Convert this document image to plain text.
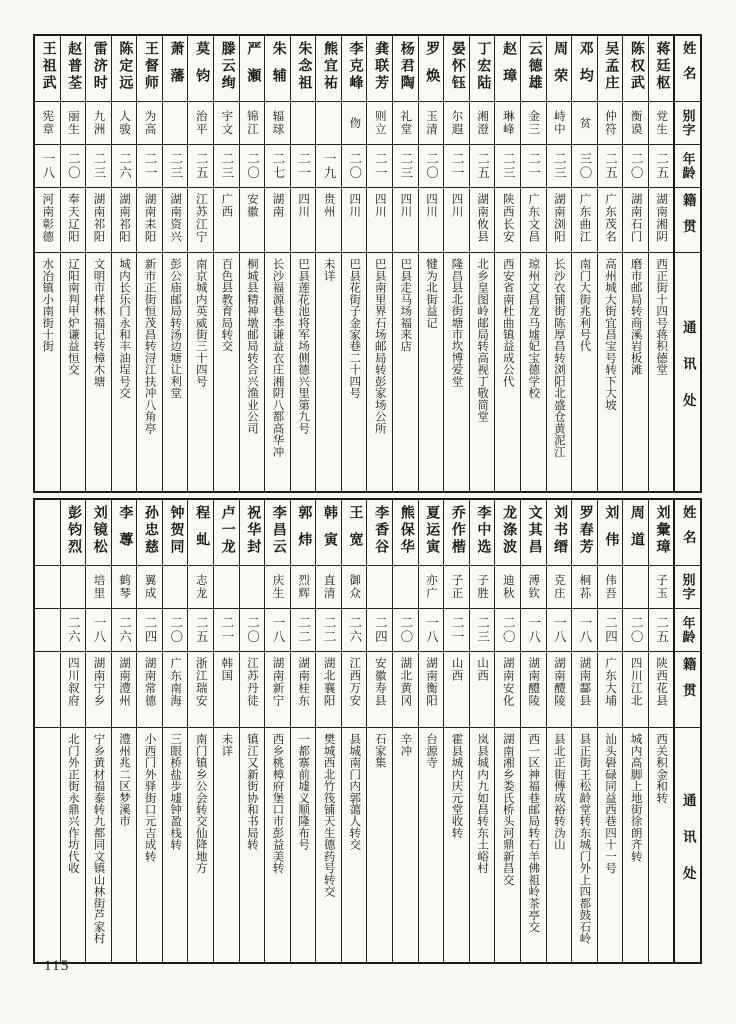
姓名
别字
年龄
籍贯
通讯处
蒋廷枢
党生
二五
湖南湘阴
西正街十四号蒋积德堂
陈权武
衡谟
二〇
湖南石门
磨市邮局转商溪岩板滩
吴孟庄
仲符
二五
广东茂名
高州城大街宜昌宝号转下大坡
邓均
贫
三〇
广东曲江
南门大街兆利号代
周荣
峙中
二三
湖南浏阳
长沙衣铺街陈厚昌转浏阳北盛仓黄泥江
云德雄
金三
二一
广东文昌
琼州文昌龙马墟妃宝德学校
赵璋
琳峰
二三
陕西长安
西安省南杜曲镇益成公代
丁宏陆
湘澄
二五
湖南攸县
北乡皇图岭邮局转高视丁敬简堂
晏怀钰
尔遐
二一
四川
隆昌县北街塘市坎博爱堂
罗焕
玉清
二〇
四川
犍为北街益记
杨君陶
礼堂
二三
四川
巴县走马场福来店
龚联芳
则立
二一
四川
巴县南里界石场邮局转彭家场公所
李克峰
伆
二〇
四川
巴县花街子金家巷二十四号
熊宜祐
一九
贵州
未详
朱念祖
二一
四川
巴县莲花池将军场侧德兴里第九号
朱辅
辐球
二七
湖南
长沙福源巷李谦益衣庄湘阴八都高华冲
严瀬
锦江
二〇
安徽
桐城县精神墩邮局转合兴渔业公司
滕云绚
宇文
二三
广西
百色县教育局转交
莫钧
治平
二五
江苏江宁
南京城内英威街三十四号
萧藩
二三
湖南资兴
彭公庙邮局转汤边塘让利堂
王督师
为高
二一
湖南耒阳
新市正街恒茂昌转浔江扶冲八角亭
陈定远
人骏
二六
湖南祁阳
城内长乐门永和丰油埕号交
雷济时
九洲
二三
湖南祁阳
文明市样林福记转樟木塘
赵普荃
丽生
二〇
奉天辽阳
辽阳南判甲炉谦益恒交
王祖武
宪章
一八
河南彰德
水冶镇小南街十街
姓名
别字
年龄
籍贯
通讯处
刘彙璋
子玉
二五
陕西花县
西关积金和转
周道
二〇
四川江北
城内高脚上地街徐朗齐转
刘伟
伟吾
二四
广东大埔
汕头礐碌同益西巷四十一号
罗春芳
桐荪
一八
湖南酃县
县正街王松龄堂转东城门外上四都鼓石岭
刘书缙
克庄
一八
湖南醴陵
县北正街傅成裕转沩山
文其昌
溥钦
一八
湖南醴陵
西一区神福巷邮局转石羊佛祖岭茶亭交
龙涤波
迪秋
二〇
湖南安化
湖南湘乡娄氏桥头河鼎新昌交
李中选
子胜
二三
山西
岚县城内九如昌转东土峪村
乔作楷
子正
二一
山西
霍县城内庆元堂收转
夏运寅
亦广
一八
湖南衡阳
台源寺
熊保华
二〇
湖北黄冈
辛冲
李香谷
二四
安徽寿县
石家集
王宽
御众
二六
江西万安
县城南门内郭蔼人转交
韩寅
直清
二二
湖北襄阳
樊城西北竹筏铺天生德药号转交
郭炜
烈辉
二二
湖南桂东
一都寨前墟义顺隆布号
李昌云
庆生
一八
湖南新宁
西乡桃樟府堡口市彭益美转
祝华封
二〇
江苏丹徒
镇江又新街协和书局转
卢一龙
二一
韩国
未详
程虬
志龙
二五
浙江瑞安
南门镇乡公会转交仙降地方
钟贺同
二〇
广东南海
三眼桥盐步墟钟盈栈转
孙忠慈
翼成
二四
湖南常德
小西门外驿街口元吉成转
李蓴
鹤琴
二六
湖南澧州
澧州兆二区梦溪市
刘镜松
培里
一八
湖南宁乡
宁乡黄材福泰转九都同文镇山林街芦家村
彭钧烈
二六
四川叙府
北门外正街永鼎兴作坊代收
115
